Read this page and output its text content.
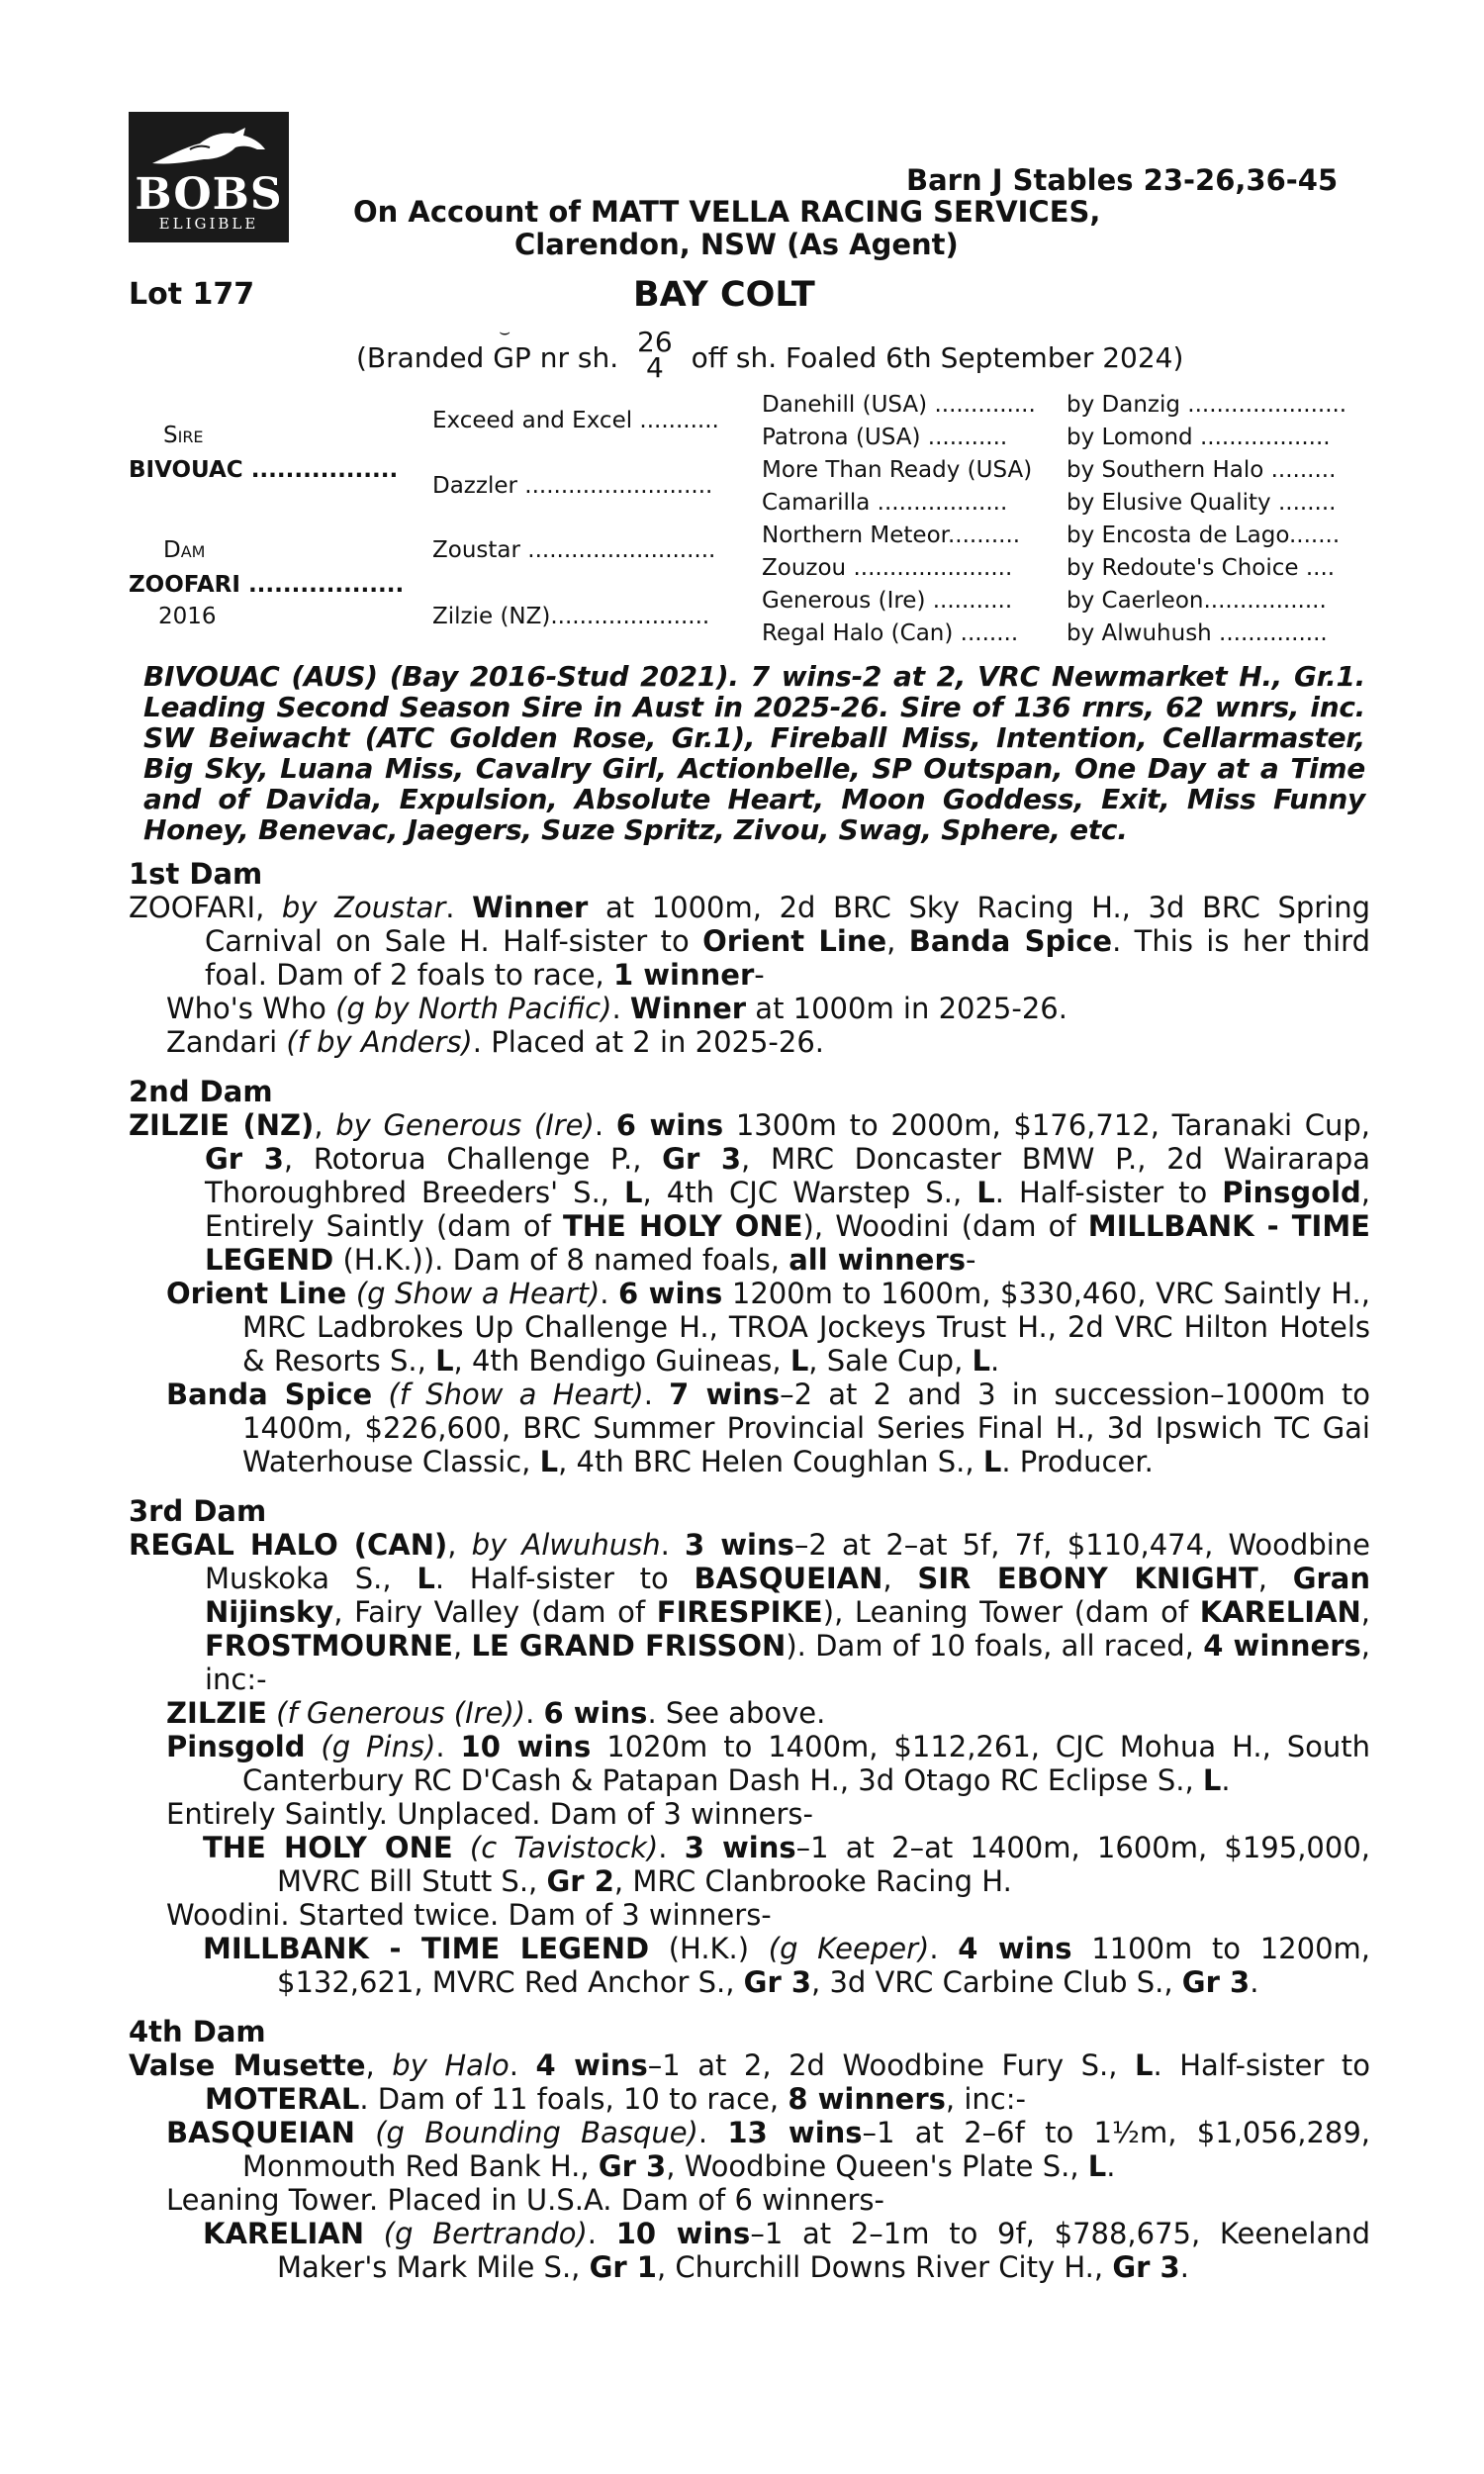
BOBS
ELIGIBLE
Barn J Stables 23-26,36-45
On Account of MATT VELLA RACING SERVICES,
Clarendon, NSW (As Agent)
Lot 177	BAY COLT
(Branded ⌣ GP nr sh. 26
4 off sh. Foaled 6th September 2024)
Sire
BIVOUAC .................
Dam
ZOOFARI ..................
2016
Exceed and Excel ...........
Dazzler ..........................
Zoustar ..........................
Zilzie (NZ)......................
Danehill (USA) .............. by Danzig ......................
Patrona (USA) ...........	by Lomond ..................
More Than Ready (USA) by Southern Halo .........
Camarilla ..................	by Elusive Quality ........
Northern Meteor.......... by Encosta de Lago.......
Zouzou ...................... by Redoute's Choice ....
Generous (Ire) ........... by Caerleon.................
Regal Halo (Can) ........ by Alwuhush ...............
BIVOUAC (AUS) (Bay 2016-Stud 2021). 7 wins-2 at 2, VRC Newmarket H., Gr.1. Leading Second Season Sire in Aust in 2025-26. Sire of 136 rnrs, 62 wnrs, inc. SW Beiwacht (ATC Golden Rose, Gr.1), Fireball Miss, Intention, Cellarmaster, Big Sky, Luana Miss, Cavalry Girl, Actionbelle, SP Outspan, One Day at a Time and of Davida, Expulsion, Absolute Heart, Moon Goddess, Exit, Miss Funny Honey, Benevac, Jaegers, Suze Spritz, Zivou, Swag, Sphere, etc.
1st Dam

ZOOFARI, by Zoustar. Winner at 1000m, 2d BRC Sky Racing H., 3d BRC Spring Carnival on Sale H. Half-sister to Orient Line, Banda Spice. This is her third foal. Dam of 2 foals to race, 1 winner-

Who's Who (g by North Pacific). Winner at 1000m in 2025-26.

Zandari (f by Anders). Placed at 2 in 2025-26.

2nd Dam

ZILZIE (NZ), by Generous (Ire). 6 wins 1300m to 2000m, $176,712, Taranaki Cup, Gr 3, Rotorua Challenge P., Gr 3, MRC Doncaster BMW P., 2d Wairarapa Thoroughbred Breeders' S., L, 4th CJC Warstep S., L. Half-sister to Pinsgold, Entirely Saintly (dam of THE HOLY ONE), Woodini (dam of MILLBANK - TIME LEGEND (H.K.)). Dam of 8 named foals, all winners-

Orient Line (g Show a Heart). 6 wins 1200m to 1600m, $330,460, VRC Saintly H., MRC Ladbrokes Up Challenge H., TROA Jockeys Trust H., 2d VRC Hilton Hotels & Resorts S., L, 4th Bendigo Guineas, L, Sale Cup, L.

Banda Spice (f Show a Heart). 7 wins–2 at 2 and 3 in succession–1000m to 1400m, $226,600, BRC Summer Provincial Series Final H., 3d Ipswich TC Gai Waterhouse Classic, L, 4th BRC Helen Coughlan S., L. Producer.

3rd Dam

REGAL HALO (CAN), by Alwuhush. 3 wins–2 at 2–at 5f, 7f, $110,474, Woodbine Muskoka S., L. Half-sister to BASQUEIAN, SIR EBONY KNIGHT, Gran Nijinsky, Fairy Valley (dam of FIRESPIKE), Leaning Tower (dam of KARELIAN, FROSTMOURNE, LE GRAND FRISSON). Dam of 10 foals, all raced, 4 winners, inc:-

ZILZIE (f Generous (Ire)). 6 wins. See above.

Pinsgold (g Pins). 10 wins 1020m to 1400m, $112,261, CJC Mohua H., South Canterbury RC D'Cash & Patapan Dash H., 3d Otago RC Eclipse S., L.

Entirely Saintly. Unplaced. Dam of 3 winners-

THE HOLY ONE (c Tavistock). 3 wins–1 at 2–at 1400m, 1600m, $195,000, MVRC Bill Stutt S., Gr 2, MRC Clanbrooke Racing H.

Woodini. Started twice. Dam of 3 winners-

MILLBANK - TIME LEGEND (H.K.) (g Keeper). 4 wins 1100m to 1200m, $132,621, MVRC Red Anchor S., Gr 3, 3d VRC Carbine Club S., Gr 3.

4th Dam

Valse Musette, by Halo. 4 wins–1 at 2, 2d Woodbine Fury S., L. Half-sister to MOTERAL. Dam of 11 foals, 10 to race, 8 winners, inc:-

BASQUEIAN (g Bounding Basque). 13 wins–1 at 2–6f to 1½m, $1,056,289, Monmouth Red Bank H., Gr 3, Woodbine Queen's Plate S., L.

Leaning Tower. Placed in U.S.A. Dam of 6 winners-

KARELIAN (g Bertrando). 10 wins–1 at 2–1m to 9f, $788,675, Keeneland Maker's Mark Mile S., Gr 1, Churchill Downs River City H., Gr 3.
